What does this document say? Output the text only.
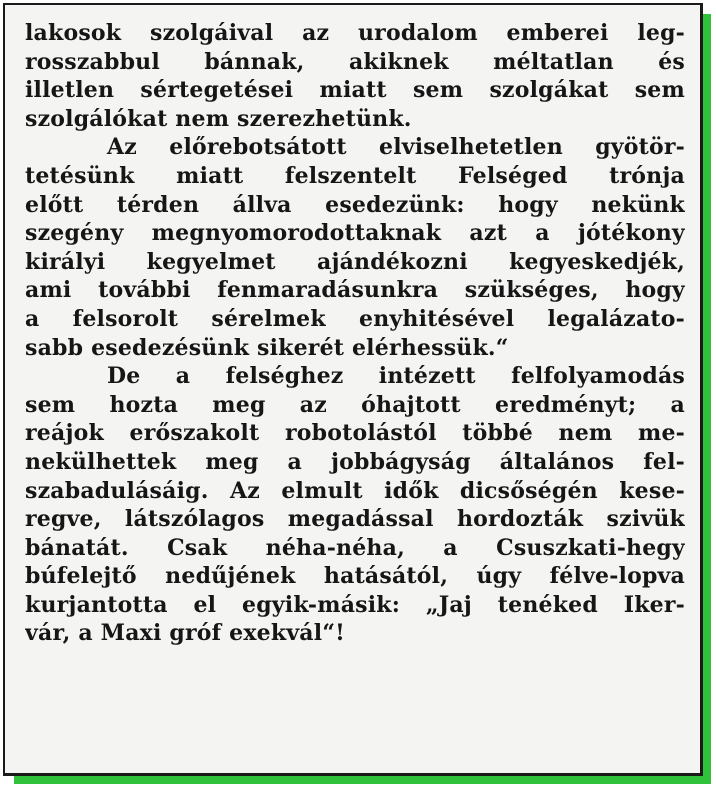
lakosok szolgáival az urodalom emberei leg-
rosszabbul bánnak, akiknek méltatlan és
illetlen sértegetései miatt sem szolgákat sem
szolgálókat nem szerezhetünk.
Az előrebotsátott elviselhetetlen gyötör-
tetésünk miatt felszentelt Felséged trónja
előtt térden állva esedezünk: hogy nekünk
szegény megnyomorodottaknak azt a jótékony
királyi kegyelmet ajándékozni kegyeskedjék,
ami további fenmaradásunkra szükséges, hogy
a felsorolt sérelmek enyhitésével legalázato-
sabb esedezésünk sikerét elérhessük.“
De a felséghez intézett felfolyamodás
sem hozta meg az óhajtott eredményt; a
reájok erőszakolt robotolástól többé nem me-
nekülhettek meg a jobbágyság általános fel-
szabadulásáig. Az elmult idők dicsőségén kese-
regve, látszólagos megadással hordozták szivük
bánatát. Csak néha-néha, a Csuszkati-hegy
búfelejtő nedűjének hatásától, úgy félve-lopva
kurjantotta el egyik-másik: „Jaj tenéked Iker-
vár, a Maxi gróf exekvál“!
